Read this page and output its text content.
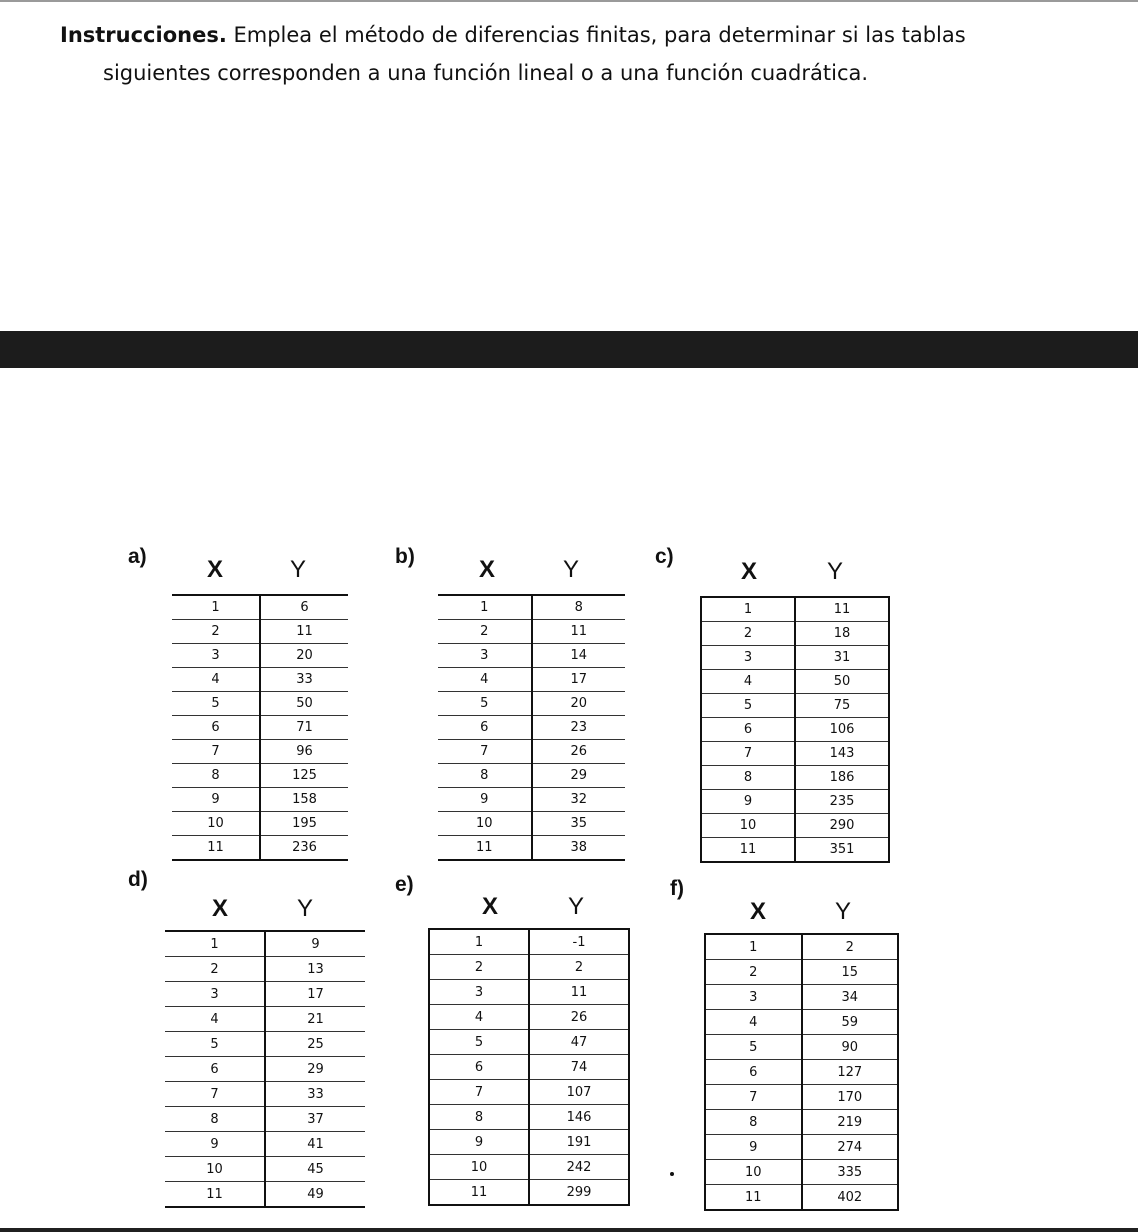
Instrucciones. Emplea el método de diferencias finitas, para determinar si las tablas
siguientes corresponden a una función lineal o a una función cuadrática.
a)	X	Y
1	6
2	11
3	20
4	33
5	50
6	71
7	96
8	125
9	158
10	195
11	236
b)	X	Y
1	8
2	11
3	14
4	17
5	20
6	23
7	26
8	29
9	32
10	35
11	38
c)
X	Y
1	11
2	18
3	31
4	50
5	75
6	106
7	143
8	186
9	235
10	290
11	351
d)
X	Y
1	9
2	13
3	17
4	21
5	25
6	29
7	33
8	37
9	41
10	45
11	49
e)
X	Y
1	-1
2	2
3	11
4	26
5	47
6	74
7	107
8	146
9	191
10	242
11	299
f)
X	Y
1	2
2	15
3	34
4	59
5	90
6	127
7	170
8	219
9	274
10	335
11	402
